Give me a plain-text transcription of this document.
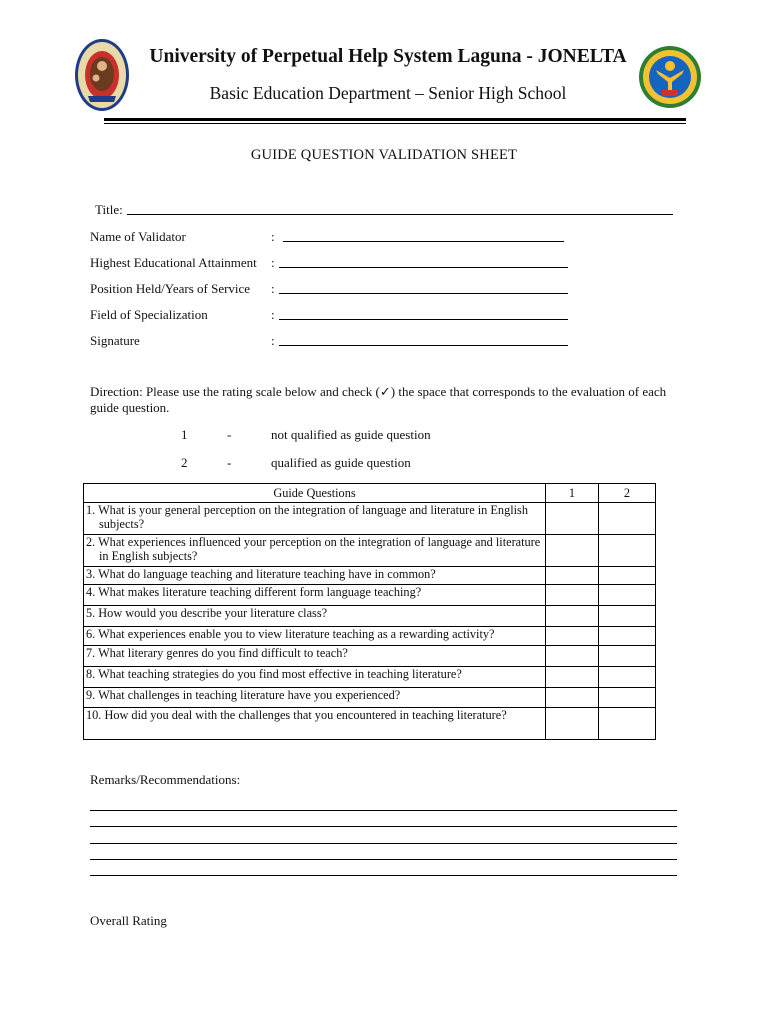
University of Perpetual Help System Laguna - JONELTA
Basic Education Department – Senior High School
GUIDE QUESTION VALIDATION SHEET
Title:
Name of Validator	:
Highest Educational Attainment :
Position Held/Years of Service :
Field of Specialization	:
Signature	:
Direction: Please use the rating scale below and check (✓) the space that corresponds to the evaluation of each guide question.
1	-	not qualified as guide question
2	-	qualified as guide question
Guide Questions	1	2

1. What is your general perception on the integration of language and literature in English subjects?		

2. What experiences influenced your perception on the integration of language and literature in English subjects?		

3. What do language teaching and literature teaching have in common?		

4. What makes literature teaching different form language teaching?		

5. How would you describe your literature class?		

6. What experiences enable you to view literature teaching as a rewarding activity?		

7. What literary genres do you find difficult to teach?		

8. What teaching strategies do you find most effective in teaching literature?		

9. What challenges in teaching literature have you experienced?		

10. How did you deal with the challenges that you encountered in teaching literature?		

Remarks/Recommendations:
Overall Rating
